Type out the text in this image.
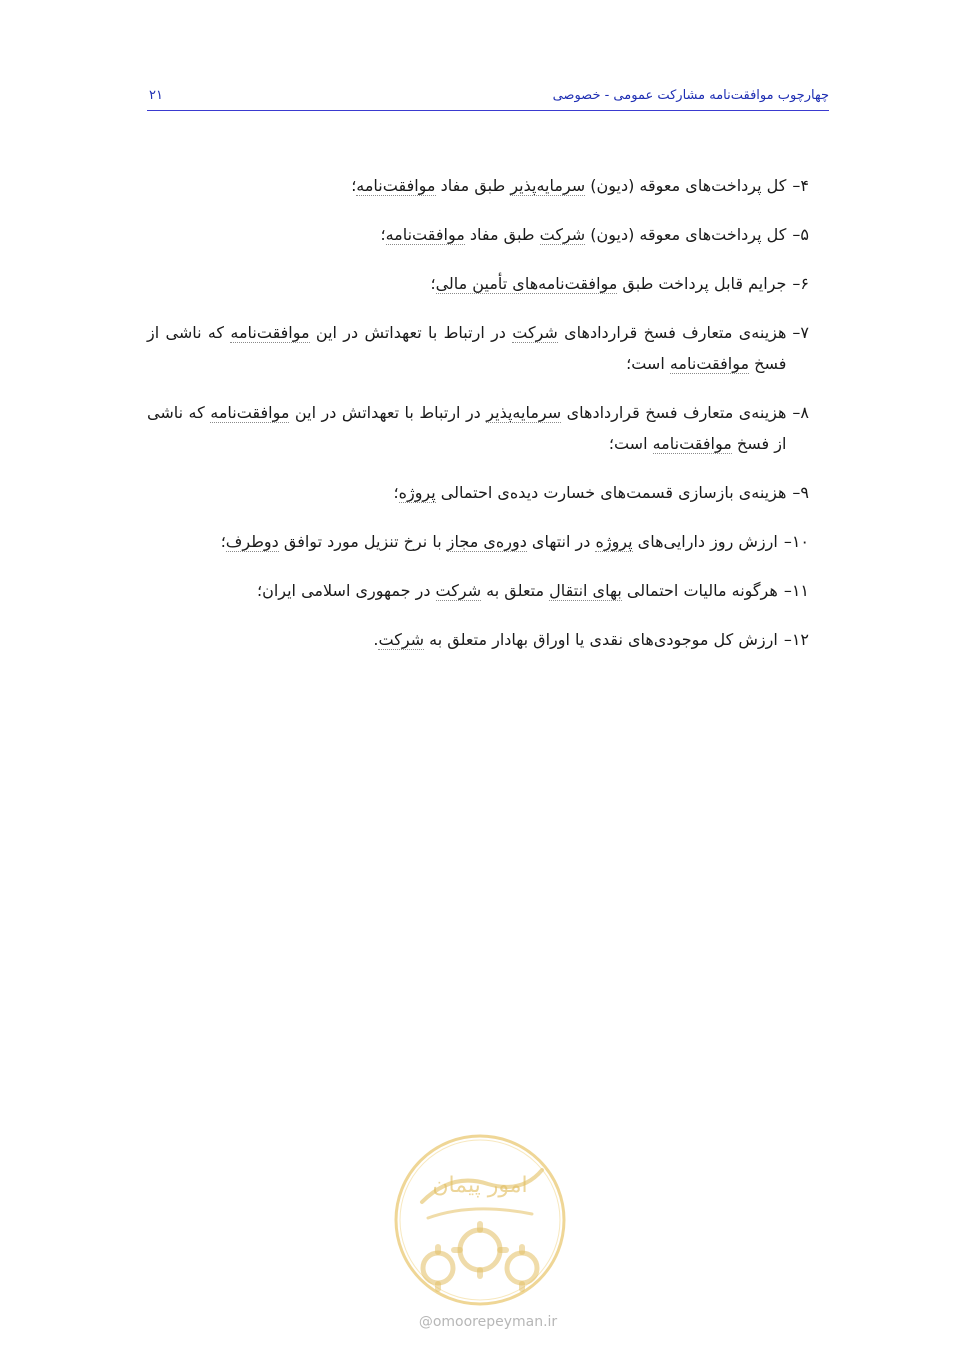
چهارچوب موافقت‌نامه مشارکت عمومی - خصوصی
۲۱
۴–
کل پرداخت‌های معوقه (دیون) سرمایه‌پذیر طبق مفاد موافقت‌نامه؛
۵–
کل پرداخت‌های معوقه (دیون) شرکت طبق مفاد موافقت‌نامه؛
۶–
جرایم قابل پرداخت طبق موافقت‌نامه‌های تأمین مالی؛
۷–
هزینه‌ی متعارف فسخ قراردادهای شرکت در ارتباط با تعهداتش در این موافقت‌نامه که ناشی از فسخ موافقت‌نامه است؛
۸–
هزینه‌ی متعارف فسخ قراردادهای سرمایه‌پذیر در ارتباط با تعهداتش در این موافقت‌نامه که ناشی از فسخ موافقت‌نامه است؛
۹–
هزینه‌ی بازسازی قسمت‌های خسارت دیده‌ی احتمالی پروژه؛
۱۰–
ارزش روز دارایی‌های پروژه در انتهای دوره‌ی مجاز با نرخ تنزیل مورد توافق دوطرف؛
۱۱–
هرگونه مالیات احتمالی بهای انتقال متعلق به شرکت در جمهوری اسلامی ایران؛
۱۲–
ارزش کل موجودی‌های نقدی یا اوراق بهادار متعلق به شرکت.
امور پیمان
@omoorepeyman.ir
